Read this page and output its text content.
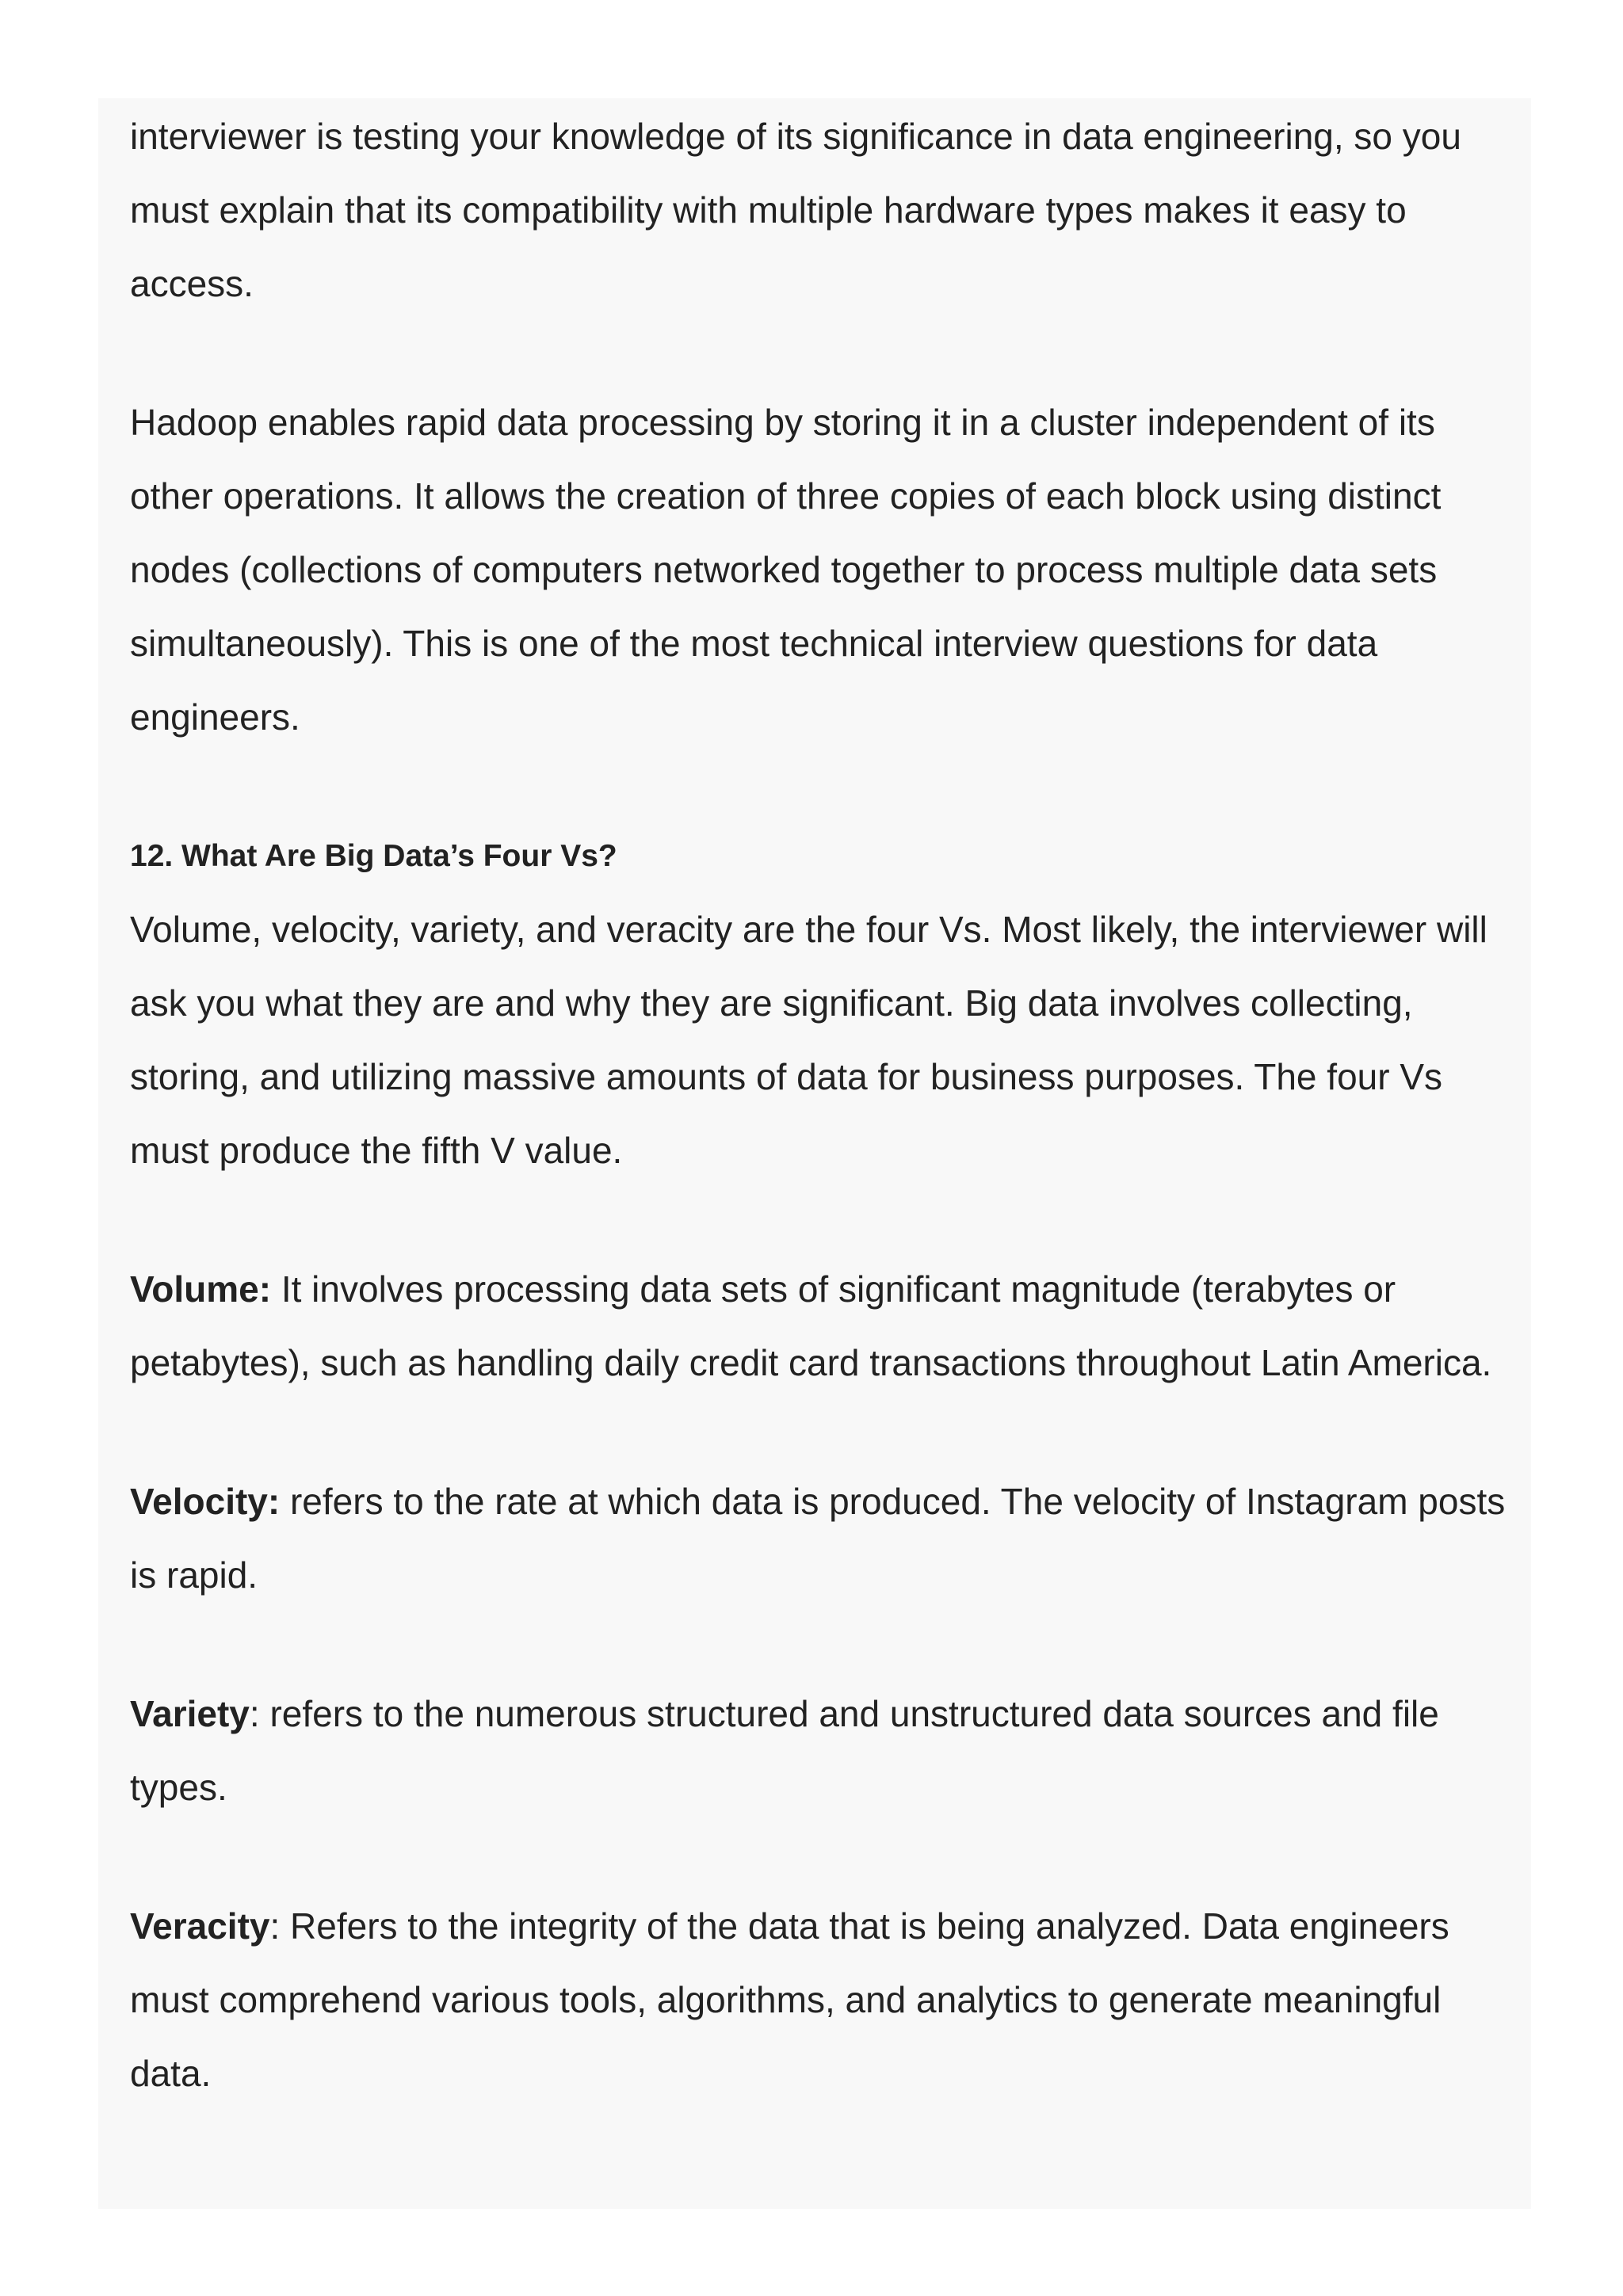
interviewer is testing your knowledge of its significance in data engineering, so you must explain that its compatibility with multiple hardware types makes it easy to access.

Hadoop enables rapid data processing by storing it in a cluster independent of its other operations. It allows the creation of three copies of each block using distinct nodes (collections of computers networked together to process multiple data sets simultaneously). This is one of the most technical interview questions for data engineers.

12. What Are Big Data’s Four Vs?

Volume, velocity, variety, and veracity are the four Vs. Most likely, the interviewer will ask you what they are and why they are significant. Big data involves collecting, storing, and utilizing massive amounts of data for business purposes. The four Vs must produce the fifth V value.

Volume: It involves processing data sets of significant magnitude (terabytes or petabytes), such as handling daily credit card transactions throughout Latin America.

Velocity: refers to the rate at which data is produced. The velocity of Instagram posts is rapid.

Variety: refers to the numerous structured and unstructured data sources and file types.

Veracity: Refers to the integrity of the data that is being analyzed. Data engineers must comprehend various tools, algorithms, and analytics to generate meaningful data.
